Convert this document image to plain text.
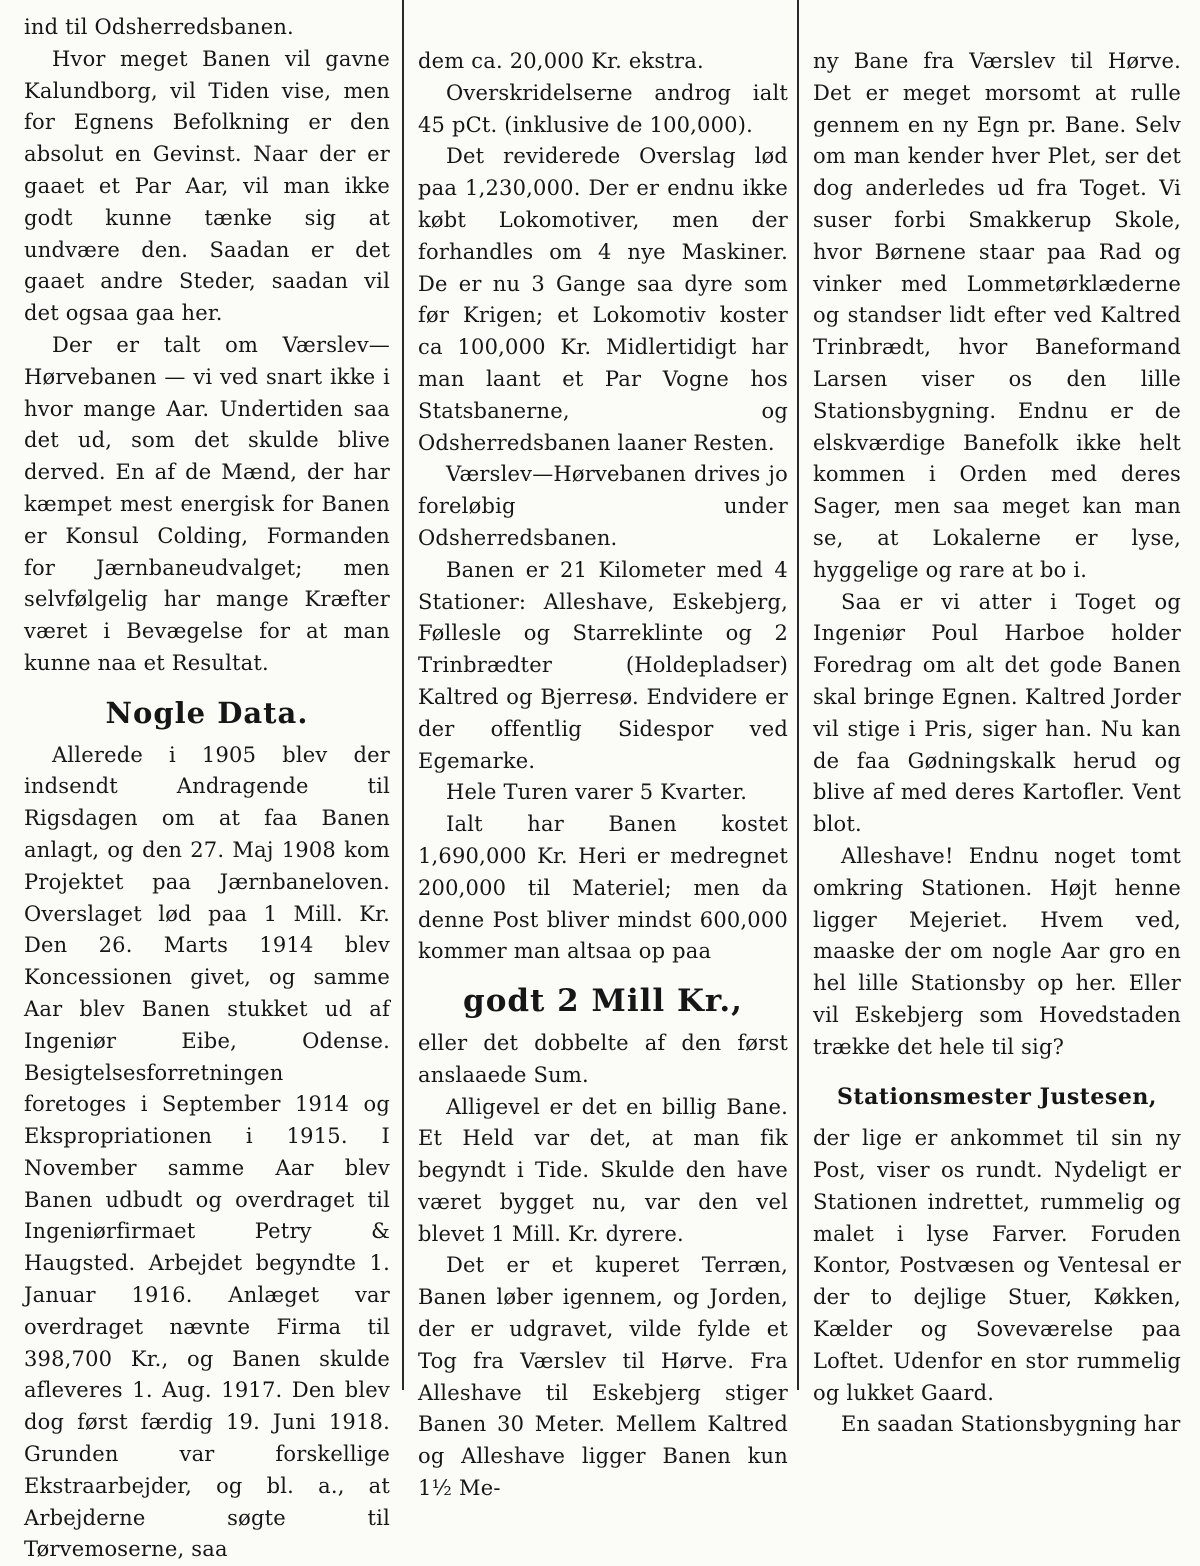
ind til Odsherredsbanen.

Hvor meget Banen vil gavne Kalundborg, vil Tiden vise, men for Egnens Befolkning er den absolut en Gevinst. Naar der er gaaet et Par Aar, vil man ikke godt kunne tænke sig at undvære den. Saadan er det gaaet andre Steder, saadan vil det ogsaa gaa her.

Der er talt om Værslev—Hørvebanen — vi ved snart ikke i hvor mange Aar. Undertiden saa det ud, som det skulde blive derved. En af de Mænd, der har kæmpet mest energisk for Banen er Konsul Colding, Formanden for Jærnbaneudvalget; men selvfølgelig har mange Kræfter været i Bevægelse for at man kunne naa et Resultat.

Nogle Data.

Allerede i 1905 blev der indsendt Andragende til Rigsdagen om at faa Banen anlagt, og den 27. Maj 1908 kom Projektet paa Jærnbaneloven. Overslaget lød paa 1 Mill. Kr. Den 26. Marts 1914 blev Koncessionen givet, og samme Aar blev Banen stukket ud af Ingeniør Eibe, Odense. Besigtelsesforretningen foretoges i September 1914 og Ekspropriationen i 1915. I November samme Aar blev Banen udbudt og overdraget til Ingeniørfirmaet Petry & Haugsted. Arbejdet begyndte 1. Januar 1916. Anlæget var overdraget nævnte Firma til 398,700 Kr., og Banen skulde afleveres 1. Aug. 1917. Den blev dog først færdig 19. Juni 1918. Grunden var forskellige Ekstraarbejder, og bl. a., at Arbejderne søgte til Tørvemoserne, saa

dem ca. 20,000 Kr. ekstra.

Overskridelserne androg ialt 45 pCt. (inklusive de 100,000).

Det reviderede Overslag lød paa 1,230,000. Der er endnu ikke købt Lokomotiver, men der forhandles om 4 nye Maskiner. De er nu 3 Gange saa dyre som før Krigen; et Lokomotiv koster ca 100,000 Kr. Midlertidigt har man laant et Par Vogne hos Statsbanerne, og Odsherredsbanen laaner Resten.

Værslev—Hørvebanen drives jo foreløbig under Odsherredsbanen.

Banen er 21 Kilometer med 4 Stationer: Alleshave, Eskebjerg, Føllesle og Starreklinte og 2 Trinbrædter (Holdepladser) Kaltred og Bjerresø. Endvidere er der offentlig Sidespor ved Egemarke.

Hele Turen varer 5 Kvarter.

Ialt har Banen kostet 1,690,000 Kr. Heri er medregnet 200,000 til Materiel; men da denne Post bliver mindst 600,000 kommer man altsaa op paa

godt 2 Mill Kr.,

eller det dobbelte af den først anslaaede Sum.

Alligevel er det en billig Bane. Et Held var det, at man fik begyndt i Tide. Skulde den have været bygget nu, var den vel blevet 1 Mill. Kr. dyrere.

Det er et kuperet Terræn, Banen løber igennem, og Jorden, der er udgravet, vilde fylde et Tog fra Værslev til Hørve. Fra Alleshave til Eskebjerg stiger Banen 30 Meter. Mellem Kaltred og Alleshave ligger Banen kun 1½ Me-

ny Bane fra Værslev til Hørve. Det er meget morsomt at rulle gennem en ny Egn pr. Bane. Selv om man kender hver Plet, ser det dog anderledes ud fra Toget. Vi suser forbi Smakkerup Skole, hvor Børnene staar paa Rad og vinker med Lommetørklæderne og standser lidt efter ved Kaltred Trinbrædt, hvor Baneformand Larsen viser os den lille Stationsbygning. Endnu er de elskværdige Banefolk ikke helt kommen i Orden med deres Sager, men saa meget kan man se, at Lokalerne er lyse, hyggelige og rare at bo i.

Saa er vi atter i Toget og Ingeniør Poul Harboe holder Foredrag om alt det gode Banen skal bringe Egnen. Kaltred Jorder vil stige i Pris, siger han. Nu kan de faa Gødningskalk herud og blive af med deres Kartofler. Vent blot.

Alleshave! Endnu noget tomt omkring Stationen. Højt henne ligger Mejeriet. Hvem ved, maaske der om nogle Aar gro en hel lille Stationsby op her. Eller vil Eskebjerg som Hovedstaden trække det hele til sig?

Stationsmester Justesen,

der lige er ankommet til sin ny Post, viser os rundt. Nydeligt er Stationen indrettet, rummelig og malet i lyse Farver. Foruden Kontor, Postvæsen og Ventesal er der to dejlige Stuer, Køkken, Kælder og Soveværelse paa Loftet. Udenfor en stor rummelig og lukket Gaard.

En saadan Stationsbygning har
